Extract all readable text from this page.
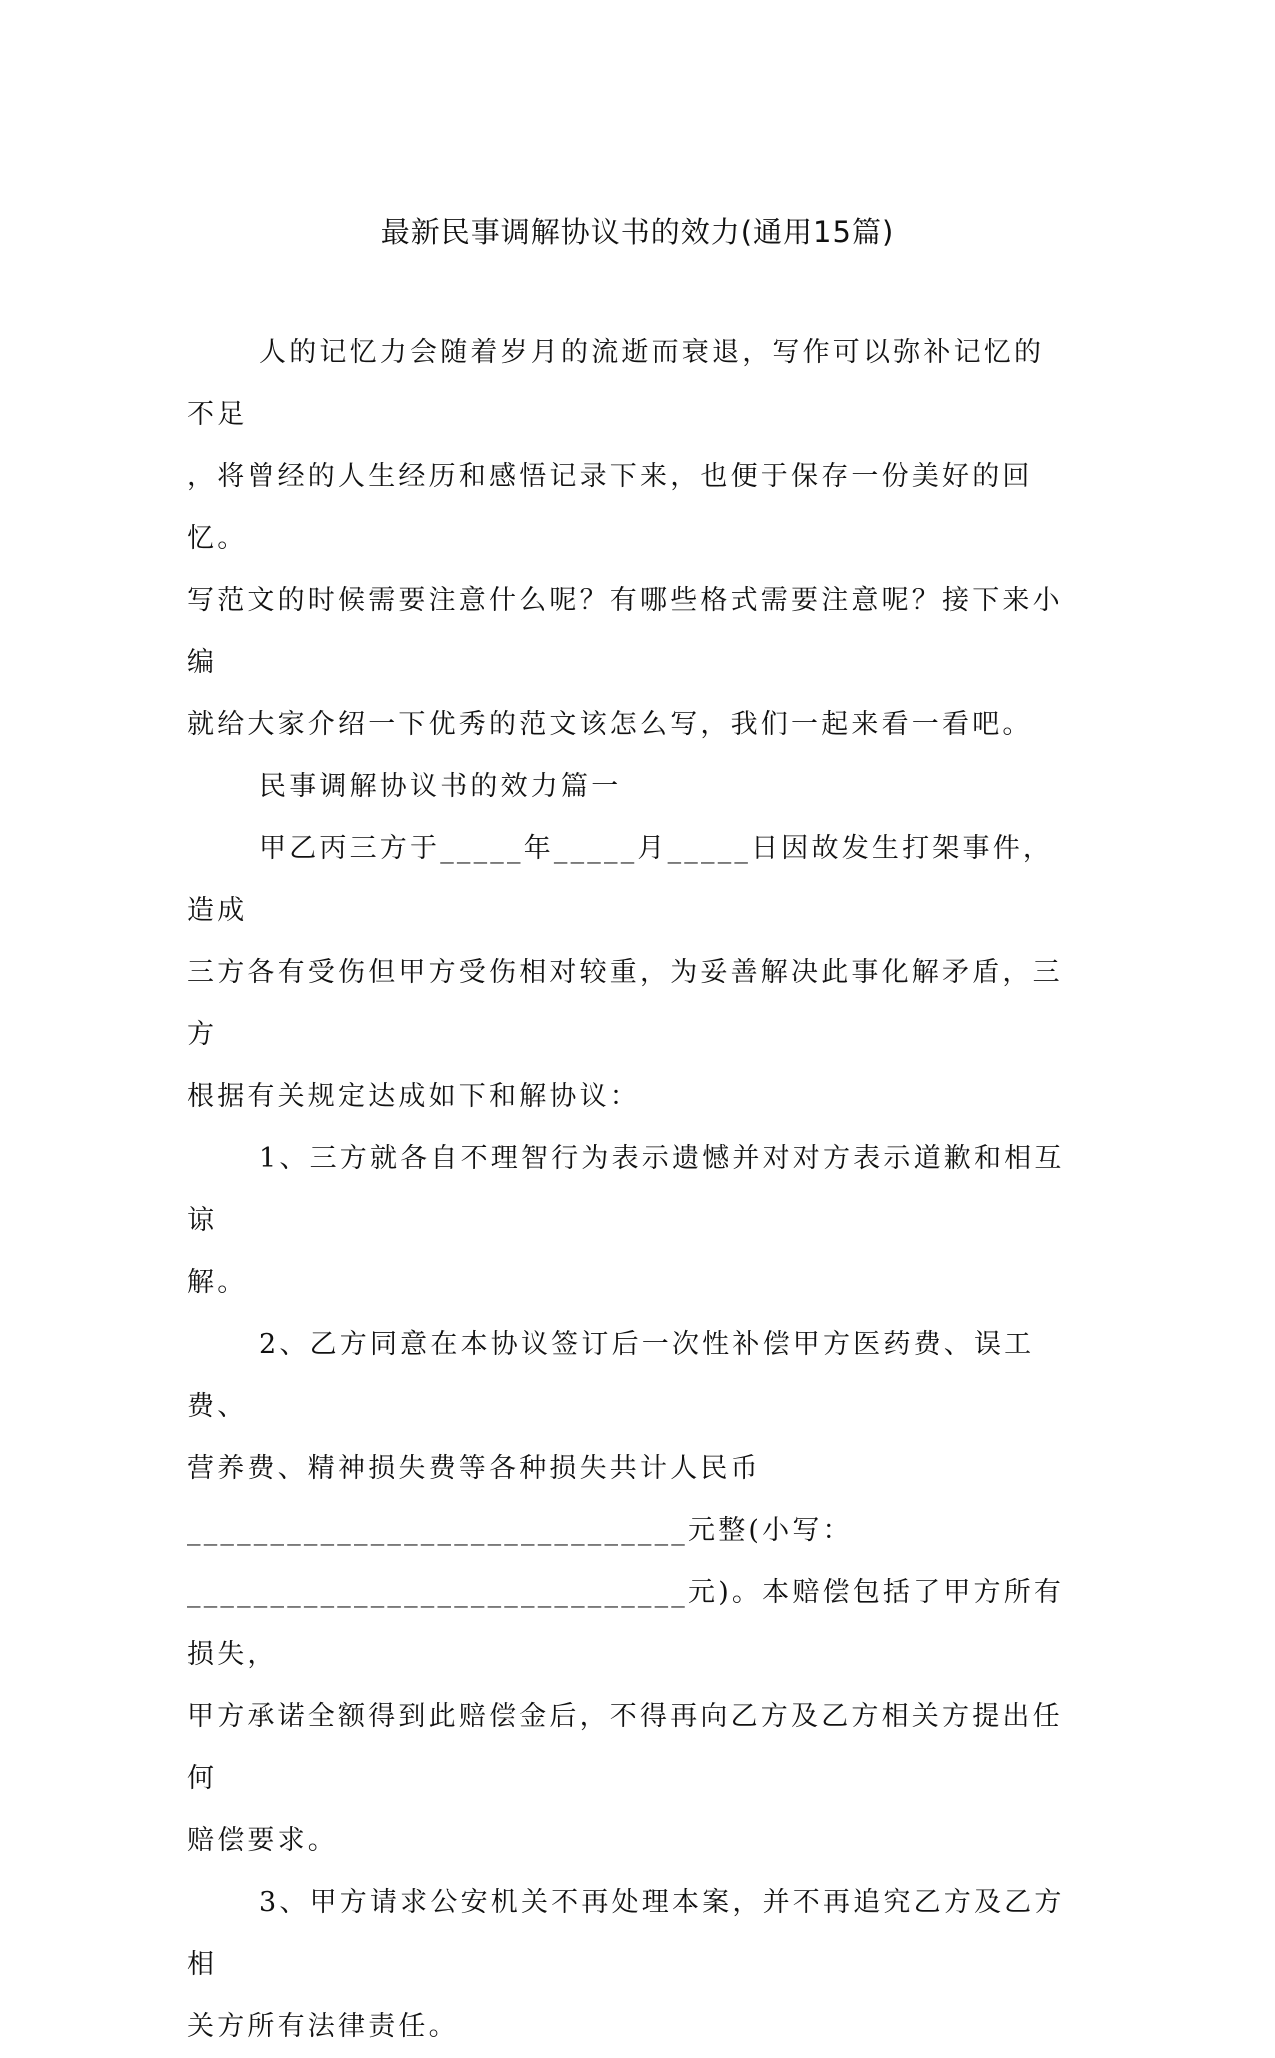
最新民事调解协议书的效力(通用15篇)

人的记忆力会随着岁月的流逝而衰退，写作可以弥补记忆的不足

，将曾经的人生经历和感悟记录下来，也便于保存一份美好的回忆。

写范文的时候需要注意什么呢？有哪些格式需要注意呢？接下来小编

就给大家介绍一下优秀的范文该怎么写，我们一起来看一看吧。

民事调解协议书的效力篇一

甲乙丙三方于_____年_____月_____日因故发生打架事件，造成

三方各有受伤但甲方受伤相对较重，为妥善解决此事化解矛盾，三方

根据有关规定达成如下和解协议：

1、三方就各自不理智行为表示遗憾并对对方表示道歉和相互谅

解。

2、乙方同意在本协议签订后一次性补偿甲方医药费、误工费、

营养费、精神损失费等各种损失共计人民币

______________________________元整(小写：

______________________________元)。本赔偿包括了甲方所有损失，

甲方承诺全额得到此赔偿金后，不得再向乙方及乙方相关方提出任何

赔偿要求。

3、甲方请求公安机关不再处理本案，并不再追究乙方及乙方相

关方所有法律责任。
